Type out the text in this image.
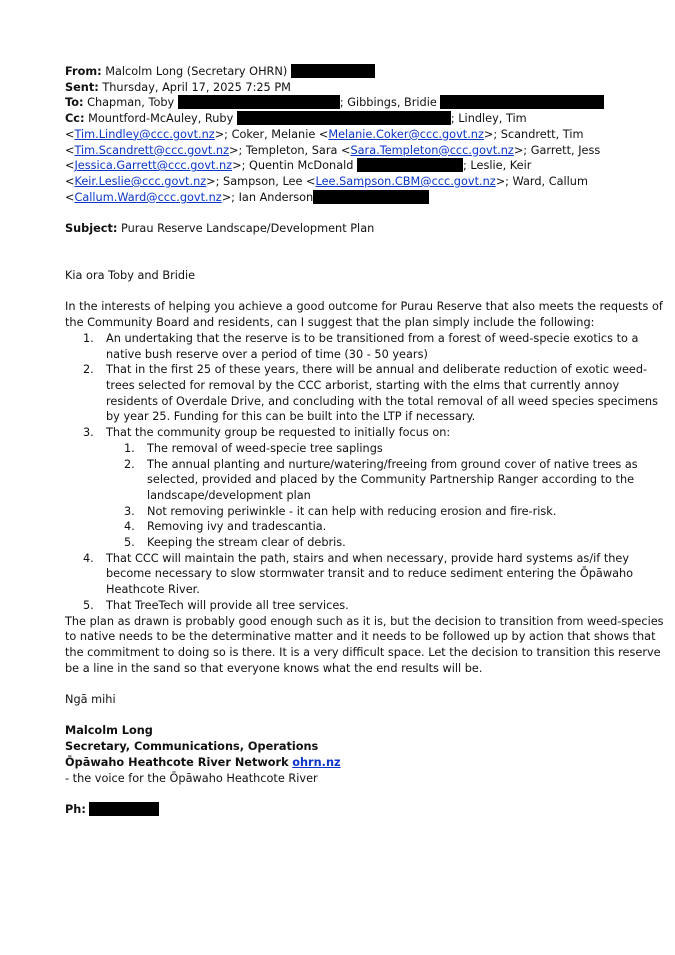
From: Malcolm Long (Secretary OHRN)
Sent: Thursday, April 17, 2025 7:25 PM
To: Chapman, Toby	; Gibbings, Bridie
Cc: Mountford-McAuley, Ruby	; Lindley, Tim
<Tim.Lindley@ccc.govt.nz>; Coker, Melanie <Melanie.Coker@ccc.govt.nz>; Scandrett, Tim
<Tim.Scandrett@ccc.govt.nz>; Templeton, Sara <Sara.Templeton@ccc.govt.nz>; Garrett, Jess
<Jessica.Garrett@ccc.govt.nz>; Quentin McDonald	; Leslie, Keir
<Keir.Leslie@ccc.govt.nz>; Sampson, Lee <Lee.Sampson.CBM@ccc.govt.nz>; Ward, Callum
<Callum.Ward@ccc.govt.nz>; Ian Anderson
Subject: Purau Reserve Landscape/Development Plan

Kia ora Toby and Bridie

In the interests of helping you achieve a good outcome for Purau Reserve that also meets the requests of

the Community Board and residents, can I suggest that the plan simply include the following:

1. An undertaking that the reserve is to be transitioned from a forest of weed-specie exotics to a
native bush reserve over a period of time (30 - 50 years)
2. That in the first 25 of these years, there will be annual and deliberate reduction of exotic weed-
trees selected for removal by the CCC arborist, starting with the elms that currently annoy
residents of Overdale Drive, and concluding with the total removal of all weed species specimens
by year 25. Funding for this can be built into the LTP if necessary.
3. That the community group be requested to initially focus on:
1. The removal of weed-specie tree saplings
2. The annual planting and nurture/watering/freeing from ground cover of native trees as
selected, provided and placed by the Community Partnership Ranger according to the
landscape/development plan
3. Not removing periwinkle - it can help with reducing erosion and fire-risk.
4. Removing ivy and tradescantia.
5. Keeping the stream clear of debris.
4. That CCC will maintain the path, stairs and when necessary, provide hard systems as/if they
become necessary to slow stormwater transit and to reduce sediment entering the Ōpāwaho
Heathcote River.
5. That TreeTech will provide all tree services.
The plan as drawn is probably good enough such as it is, but the decision to transition from weed-species
to native needs to be the determinative matter and it needs to be followed up by action that shows that
the commitment to doing so is there. It is a very difficult space. Let the decision to transition this reserve
be a line in the sand so that everyone knows what the end results will be.

Ngā mihi

Malcolm Long
Secretary, Communications, Operations
Ōpāwaho Heathcote River Network ohrn.nz
- the voice for the Ōpāwaho Heathcote River
Ph:
